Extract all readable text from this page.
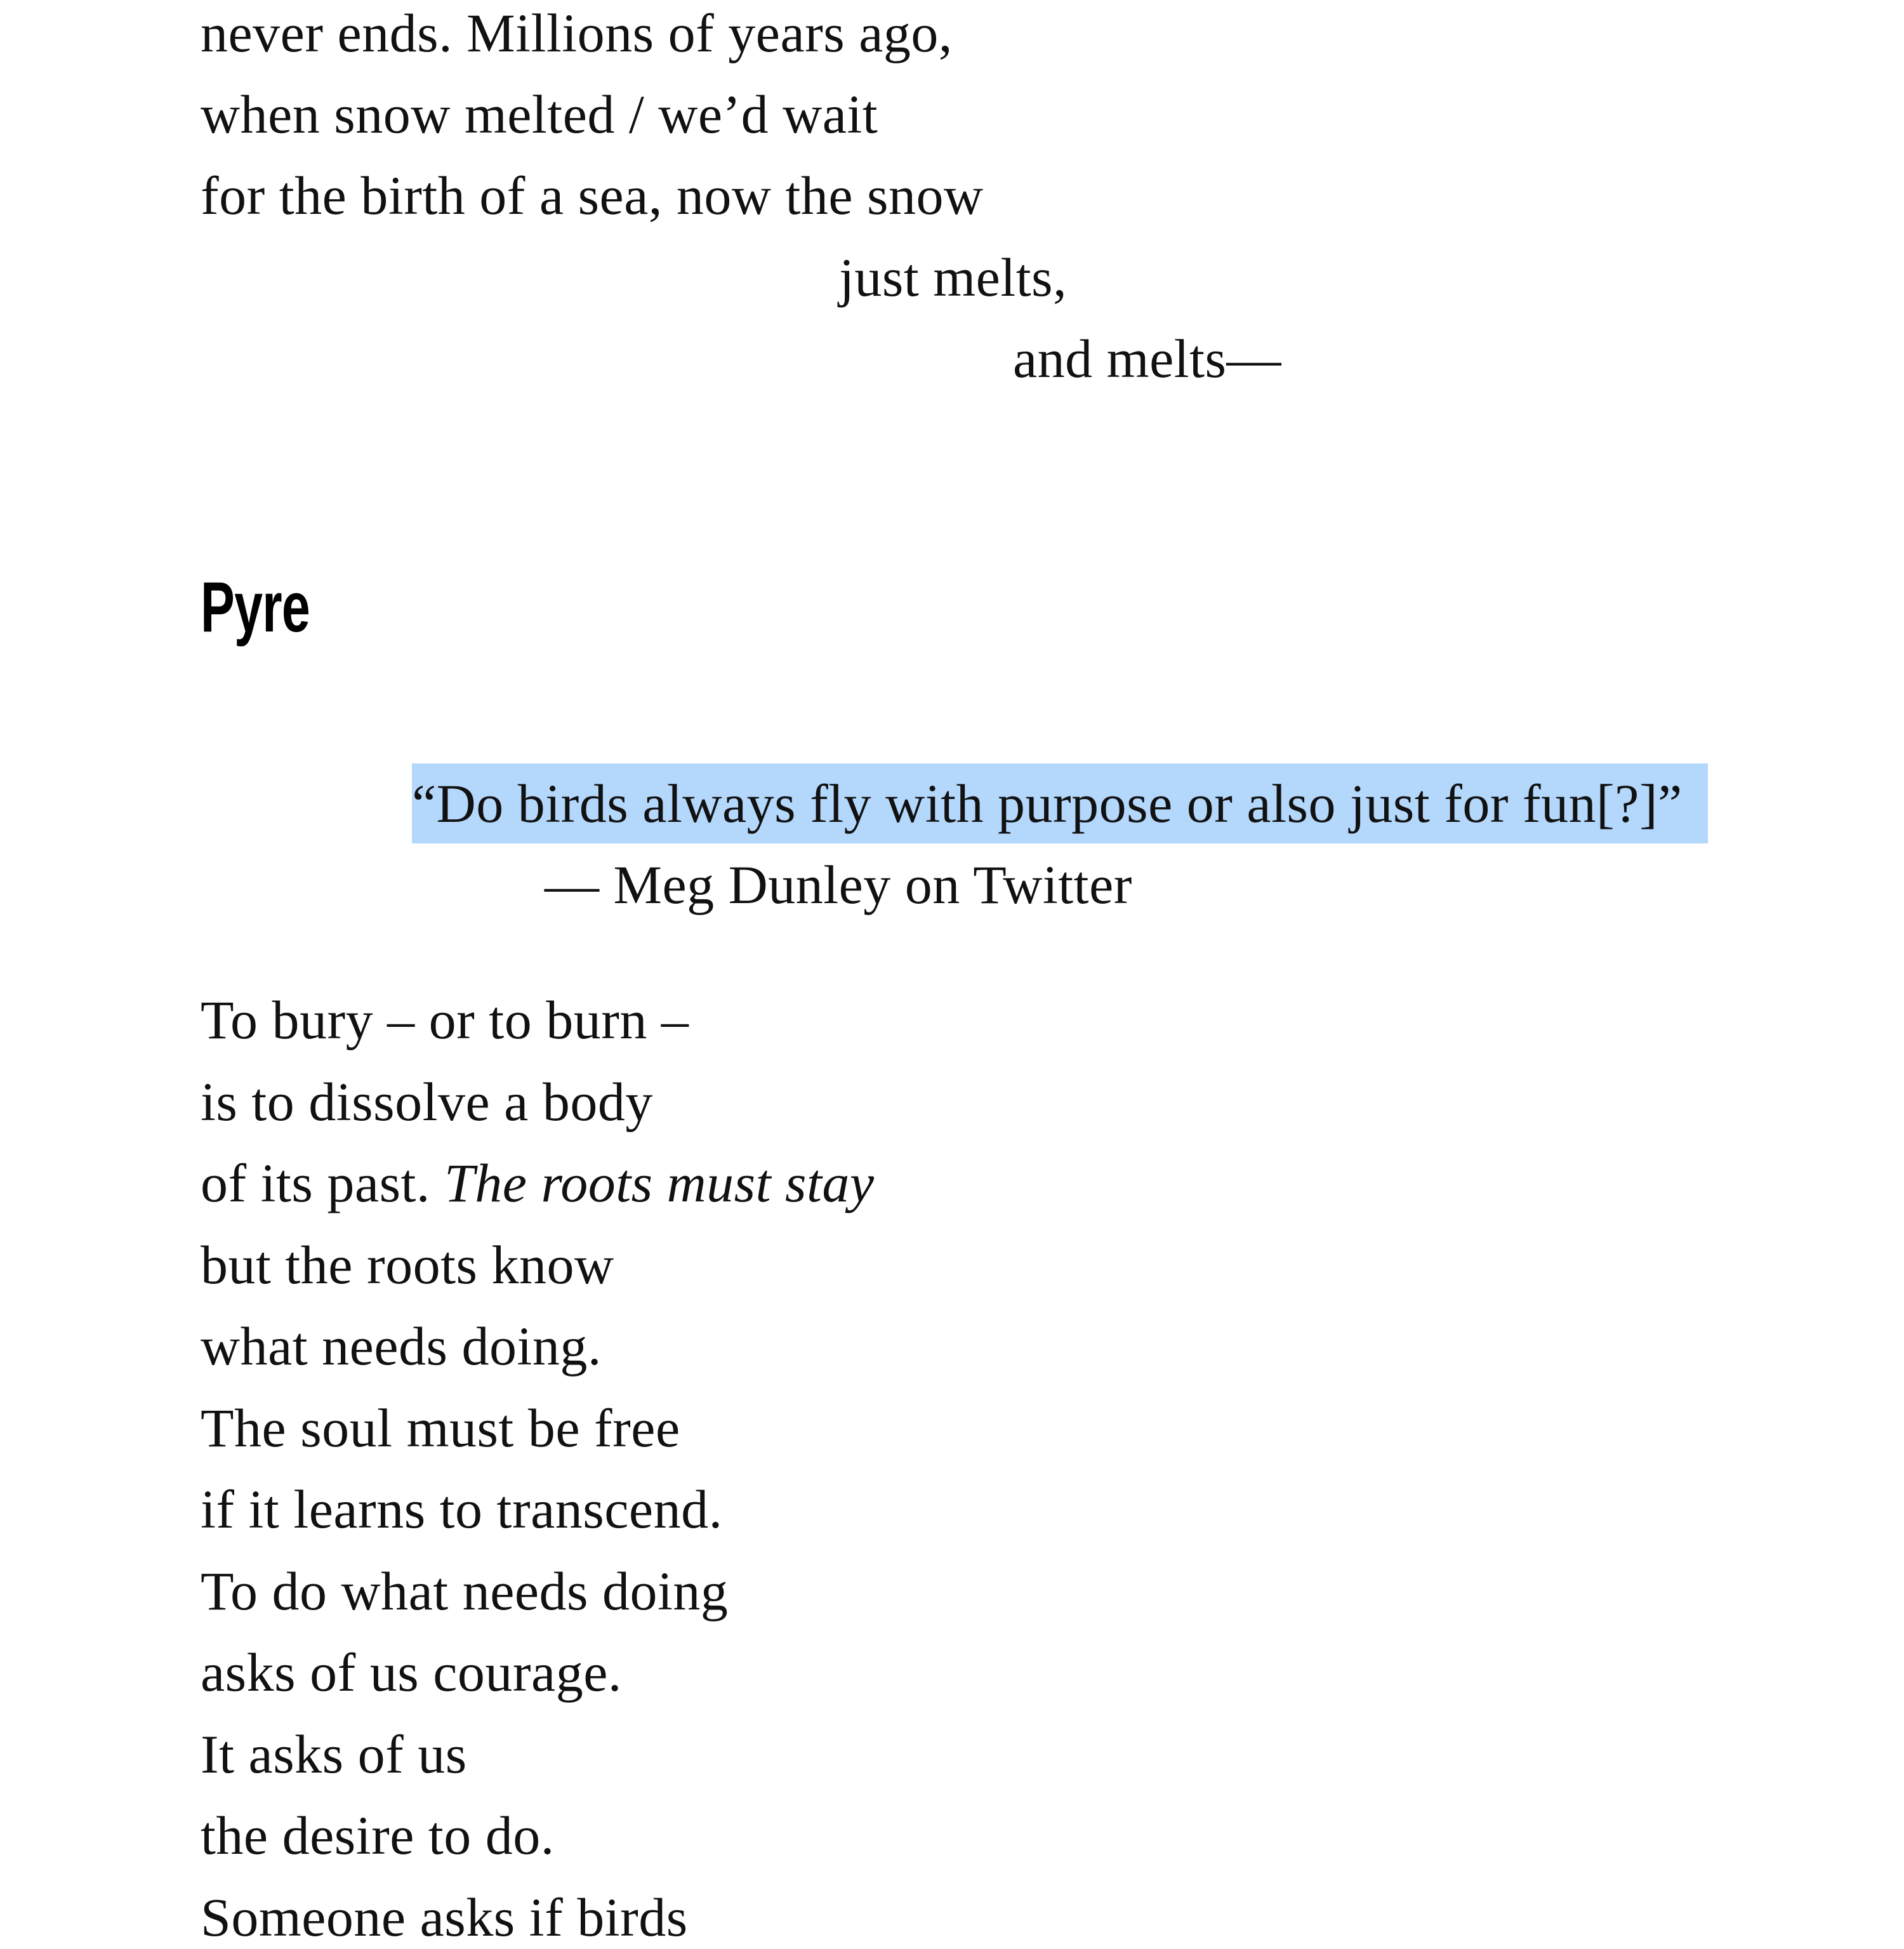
never ends. Millions of years ago,
when snow melted / we’d wait
for the birth of a sea, now the snow
just melts,
and melts—
Pyre
“Do birds always fly with purpose or also just for fun[?]”
— Meg Dunley on Twitter
To bury – or to burn –
is to dissolve a body
of its past. The roots must stay
but the roots know
what needs doing.
The soul must be free
if it learns to transcend.
To do what needs doing
asks of us courage.
It asks of us
the desire to do.
Someone asks if birds
